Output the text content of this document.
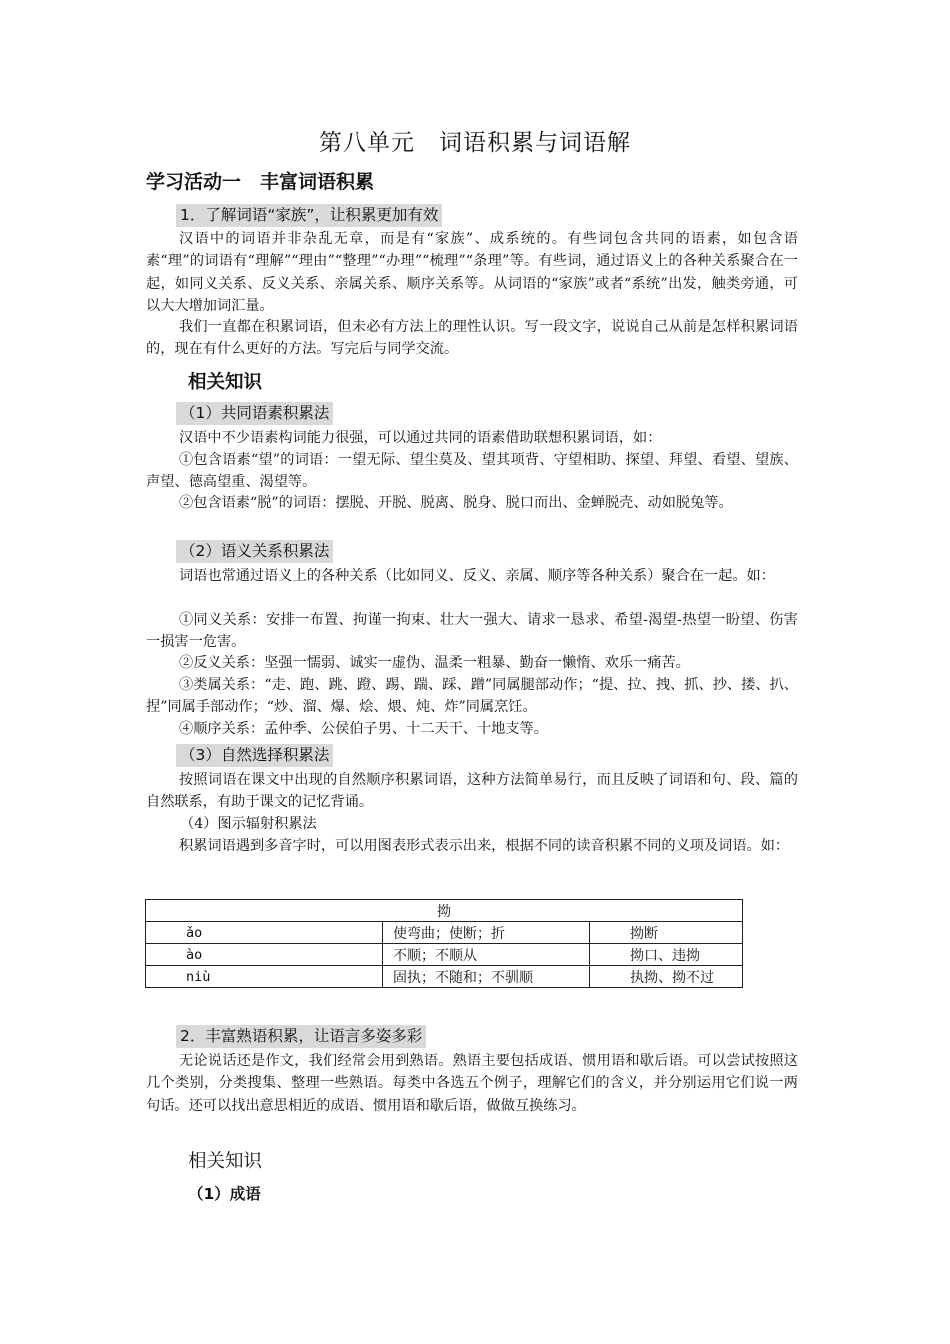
第八单元　词语积累与词语解
学习活动一　丰富词语积累
1．了解词语“家族”，让积累更加有效

汉语中的词语并非杂乱无章，而是有“家族”、成系统的。有些词包含共同的语素，如包含语素“理”的词语有“理解”“理由”“整理”“办理”“梳理”“条理”等。有些词，通过语义上的各种关系聚合在一起，如同义关系、反义关系、亲属关系、顺序关系等。从词语的“家族”或者“系统”出发，触类旁通，可以大大增加词汇量。

我们一直都在积累词语，但未必有方法上的理性认识。写一段文字，说说自己从前是怎样积累词语的，现在有什么更好的方法。写完后与同学交流。

相关知识
（1）共同语素积累法

汉语中不少语素构词能力很强，可以通过共同的语素借助联想积累词语，如：

①包含语素“望”的词语：一望无际、望尘莫及、望其项背、守望相助、探望、拜望、看望、望族、声望、德高望重、渴望等。

②包含语素“脱”的词语：摆脱、开脱、脱离、脱身、脱口而出、金蝉脱壳、动如脱兔等。

（2）语义关系积累法

词语也常通过语义上的各种关系（比如同义、反义、亲属、顺序等各种关系）聚合在一起。如：

①同义关系：安排一布置、拘谨一拘束、壮大一强大、请求一恳求、希望-渴望-热望一盼望、伤害一损害一危害。

②反义关系：坚强一懦弱、诚实一虚伪、温柔一粗暴、勤奋一懒惰、欢乐一痛苦。

③类属关系：“走、跑、跳、蹬、踢、踹、踩、蹭”同属腿部动作；“提、拉、拽、抓、抄、搂、扒、捏”同属手部动作；“炒、溜、爆、烩、煨、炖、炸”同属烹饪。

④顺序关系：孟仲季、公侯伯子男、十二天干、十地支等。

（3）自然选择积累法

按照词语在课文中出现的自然顺序积累词语，这种方法简单易行，而且反映了词语和句、段、篇的自然联系，有助于课文的记忆背诵。

（4）图示辐射积累法

积累词语遇到多音字时，可以用图表形式表示出来，根据不同的读音积累不同的义项及词语。如：

拗		
ǎo	使弯曲；使断；折	拗断
ào	不顺；不顺从	拗口、违拗
niù	固执；不随和；不驯顺	执拗、拗不过
2．丰富熟语积累，让语言多姿多彩

无论说话还是作文，我们经常会用到熟语。熟语主要包括成语、惯用语和歇后语。可以尝试按照这几个类别，分类搜集、整理一些熟语。每类中各选五个例子，理解它们的含义，并分别运用它们说一两句话。还可以找出意思相近的成语、惯用语和歇后语，做做互换练习。

相关知识
（1）成语
